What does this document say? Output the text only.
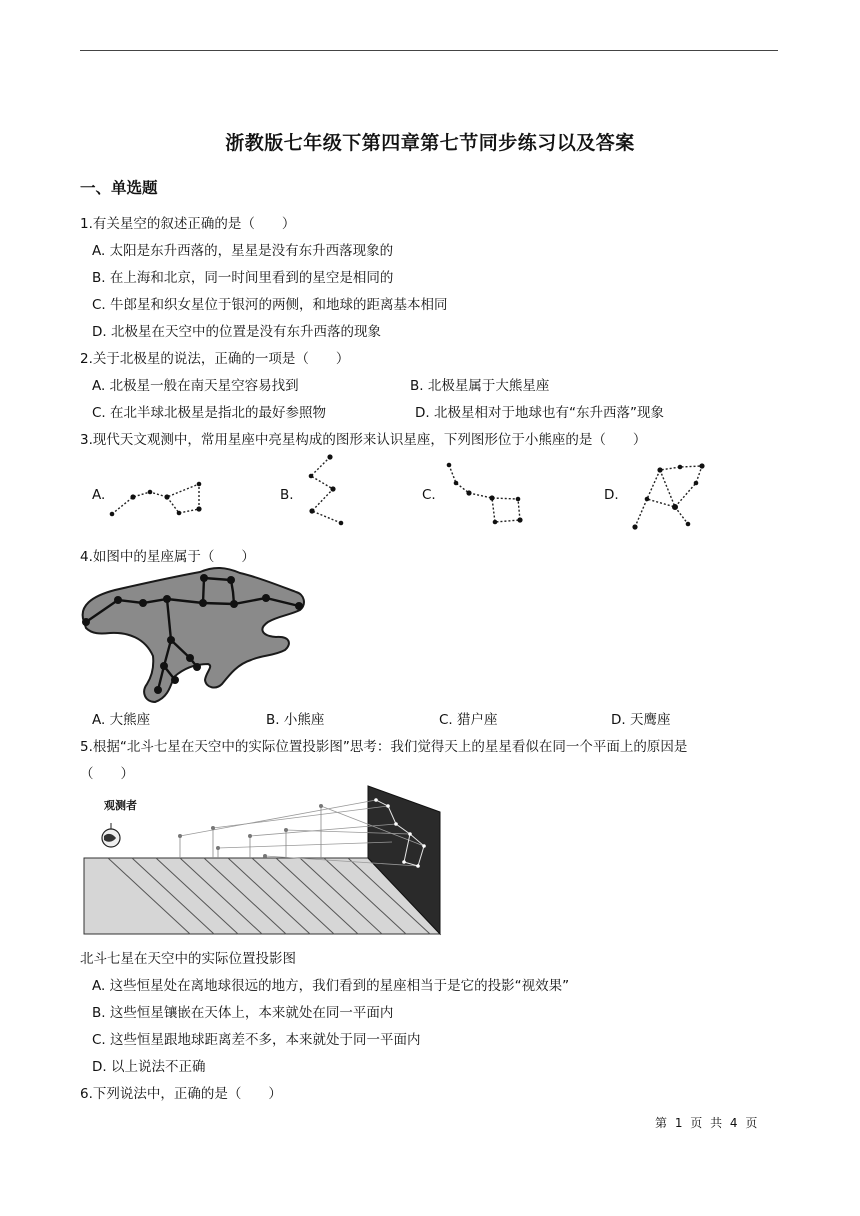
浙教版七年级下第四章第七节同步练习以及答案
一、单选题
1.有关星空的叙述正确的是（　　）
A. 太阳是东升西落的，星星是没有东升西落现象的
B. 在上海和北京，同一时间里看到的星空是相同的
C. 牛郎星和织女星位于银河的两侧，和地球的距离基本相同
D. 北极星在天空中的位置是没有东升西落的现象
2.关于北极星的说法，正确的一项是（　　）
A. 北极星一般在南天星空容易找到	B. 北极星属于大熊星座
C. 在北半球北极星是指北的最好参照物	D. 北极星相对于地球也有“东升西落”现象
3.现代天文观测中，常用星座中亮星构成的图形来认识星座，下列图形位于小熊座的是（　　）
A.	B.	C.	D.
4.如图中的星座属于（　　）
A. 大熊座	B. 小熊座	C. 猎户座	D. 天鹰座
5.根据“北斗七星在天空中的实际位置投影图”思考：我们觉得天上的星星看似在同一个平面上的原因是
（　　）
观测者
北斗七星在天空中的实际位置投影图
A. 这些恒星处在离地球很远的地方，我们看到的星座相当于是它的投影“视效果”
B. 这些恒星镶嵌在天体上，本来就处在同一平面内
C. 这些恒星跟地球距离差不多，本来就处于同一平面内
D. 以上说法不正确
6.下列说法中，正确的是（　　）
第 1 页 共 4 页
